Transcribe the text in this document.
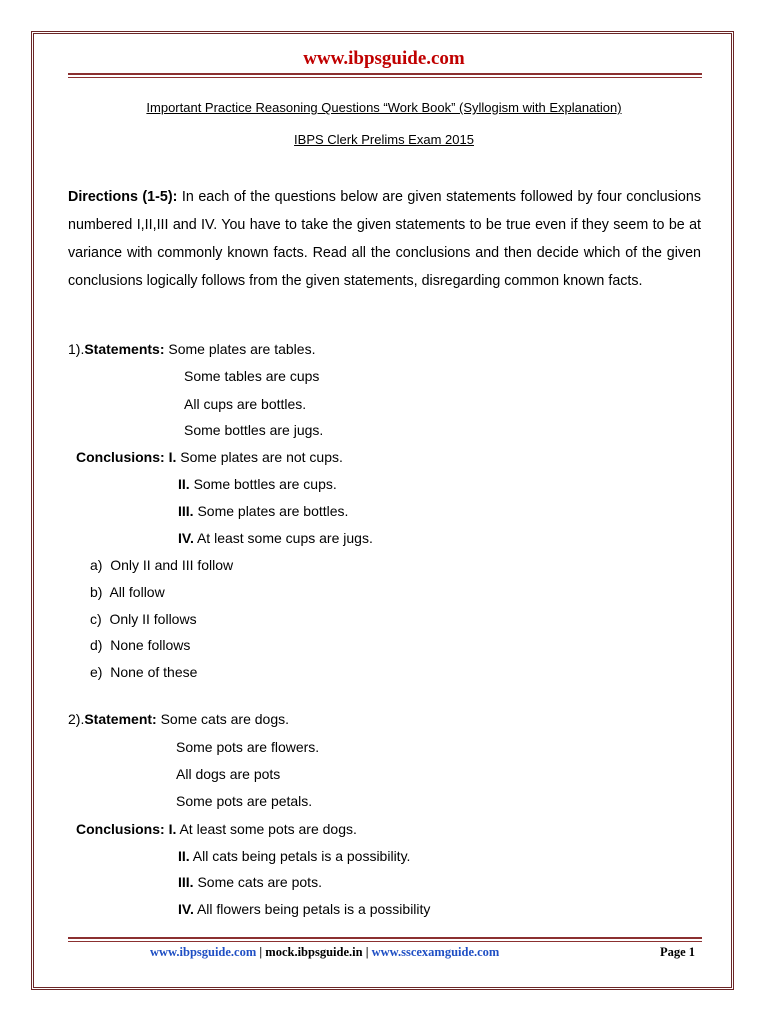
www.ibpsguide.com
Important Practice Reasoning Questions “Work Book” (Syllogism with Explanation)
IBPS Clerk Prelims Exam 2015

Directions (1-5): In each of the questions below are given statements followed by four conclusions numbered I,II,III and IV. You have to take the given statements to be true even if they seem to be at variance with commonly known facts. Read all the conclusions and then decide which of the given conclusions logically follows from the given statements, disregarding common known facts.

1).Statements: Some plates are tables.
Some tables are cups
All cups are bottles.
Some bottles are jugs.
Conclusions: I. Some plates are not cups.
II. Some bottles are cups.
III. Some plates are bottles.
IV. At least some cups are jugs.
a)  Only II and III follow
b)  All follow
c)  Only II follows
d)  None follows
e)  None of these
2).Statement: Some cats are dogs.
Some pots are flowers.
All dogs are pots
Some pots are petals.
Conclusions: I. At least some pots are dogs.
II. All cats being petals is a possibility.
III. Some cats are pots.
IV. All flowers being petals is a possibility
www.ibpsguide.com | mock.ibpsguide.in | www.sscexamguide.com	Page 1
